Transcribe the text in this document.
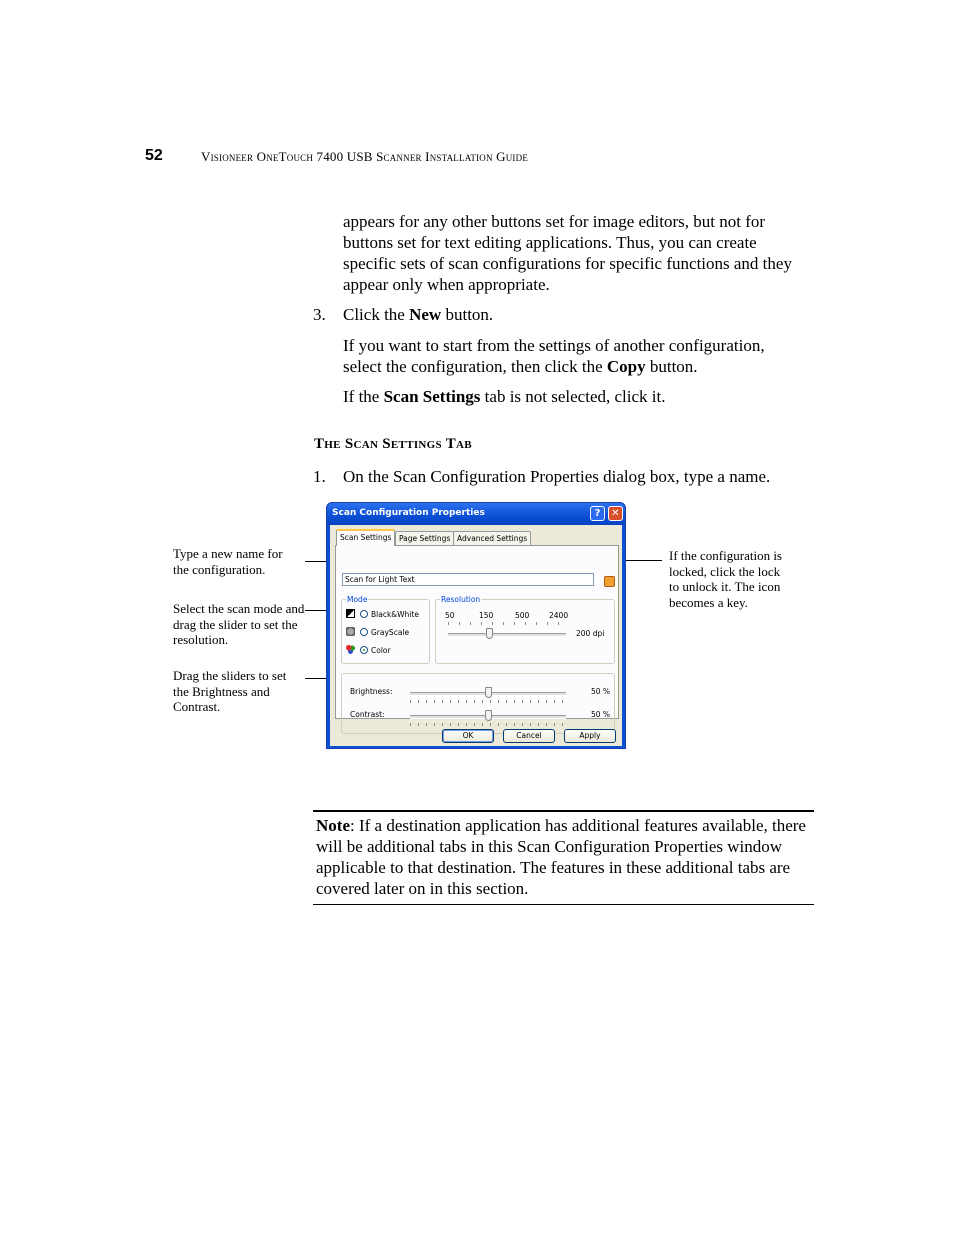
52	Visioneer OneTouch 7400 USB Scanner Installation Guide
appears for any other buttons set for image editors, but not for buttons set for text editing applications. Thus, you can create specific sets of scan configurations for specific functions and they appear only when appropriate.
3. Click the New button.
If you want to start from the settings of another configuration, select the configuration, then click the Copy button.
If the Scan Settings tab is not selected, click it.
The Scan Settings Tab
1. On the Scan Configuration Properties dialog box, type a name.
Type a new name for the configuration.
Select the scan mode and drag the slider to set the resolution.
Drag the sliders to set the Brightness and Contrast.
If the configuration is locked, click the lock to unlock it. The icon becomes a key.
Scan Configuration Properties	?	✕
Scan Settings	Page Settings Advanced Settings
Scan for Light Text
Mode
Black&White
GrayScale
Color
Resolution
50	150	500	2400
200 dpi
Brightness:	50 %
Contrast:	50 %
OK	Cancel	Apply
Note: If a destination application has additional features available, there will be additional tabs in this Scan Configuration Properties window applicable to that destination. The features in these additional tabs are covered later on in this section.
